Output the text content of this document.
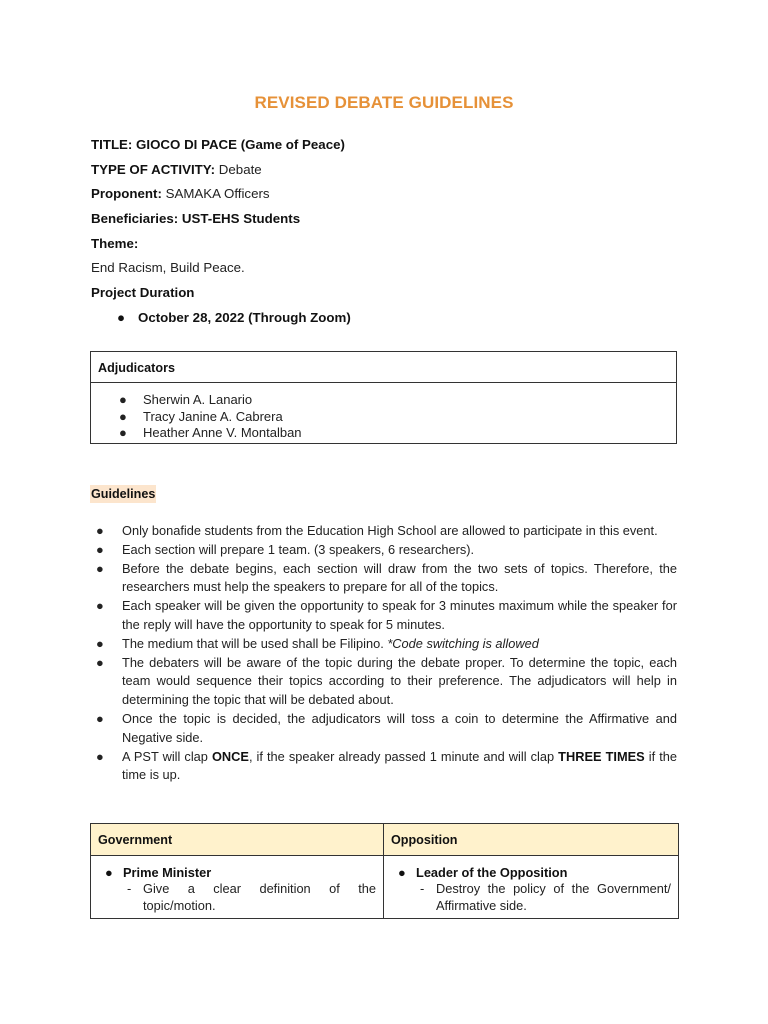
REVISED DEBATE GUIDELINES
TITLE: GIOCO DI PACE (Game of Peace)
TYPE OF ACTIVITY: Debate
Proponent: SAMAKA Officers
Beneficiaries: UST-EHS Students
Theme:
End Racism, Build Peace.
Project Duration
● October 28, 2022 (Through Zoom)
Adjudicators
● Sherwin A. Lanario
● Tracy Janine A. Cabrera
● Heather Anne V. Montalban
Guidelines
● Only bonafide students from the Education High School are allowed to participate in this event.
● Each section will prepare 1 team. (3 speakers, 6 researchers).
● Before the debate begins, each section will draw from the two sets of topics. Therefore, the researchers must help the speakers to prepare for all of the topics.
● Each speaker will be given the opportunity to speak for 3 minutes maximum while the speaker for the reply will have the opportunity to speak for 5 minutes.
● The medium that will be used shall be Filipino. *Code switching is allowed
● The debaters will be aware of the topic during the debate proper. To determine the topic, each team would sequence their topics according to their preference. The adjudicators will help in determining the topic that will be debated about.
● Once the topic is decided, the adjudicators will toss a coin to determine the Affirmative and Negative side.
● A PST will clap ONCE, if the speaker already passed 1 minute and will clap THREE TIMES if the time is up.
Government	Opposition
● Prime Minister
- Give a clear definition of the topic/motion.
● Leader of the Opposition
- Destroy the policy of the Government/ Affirmative side.
